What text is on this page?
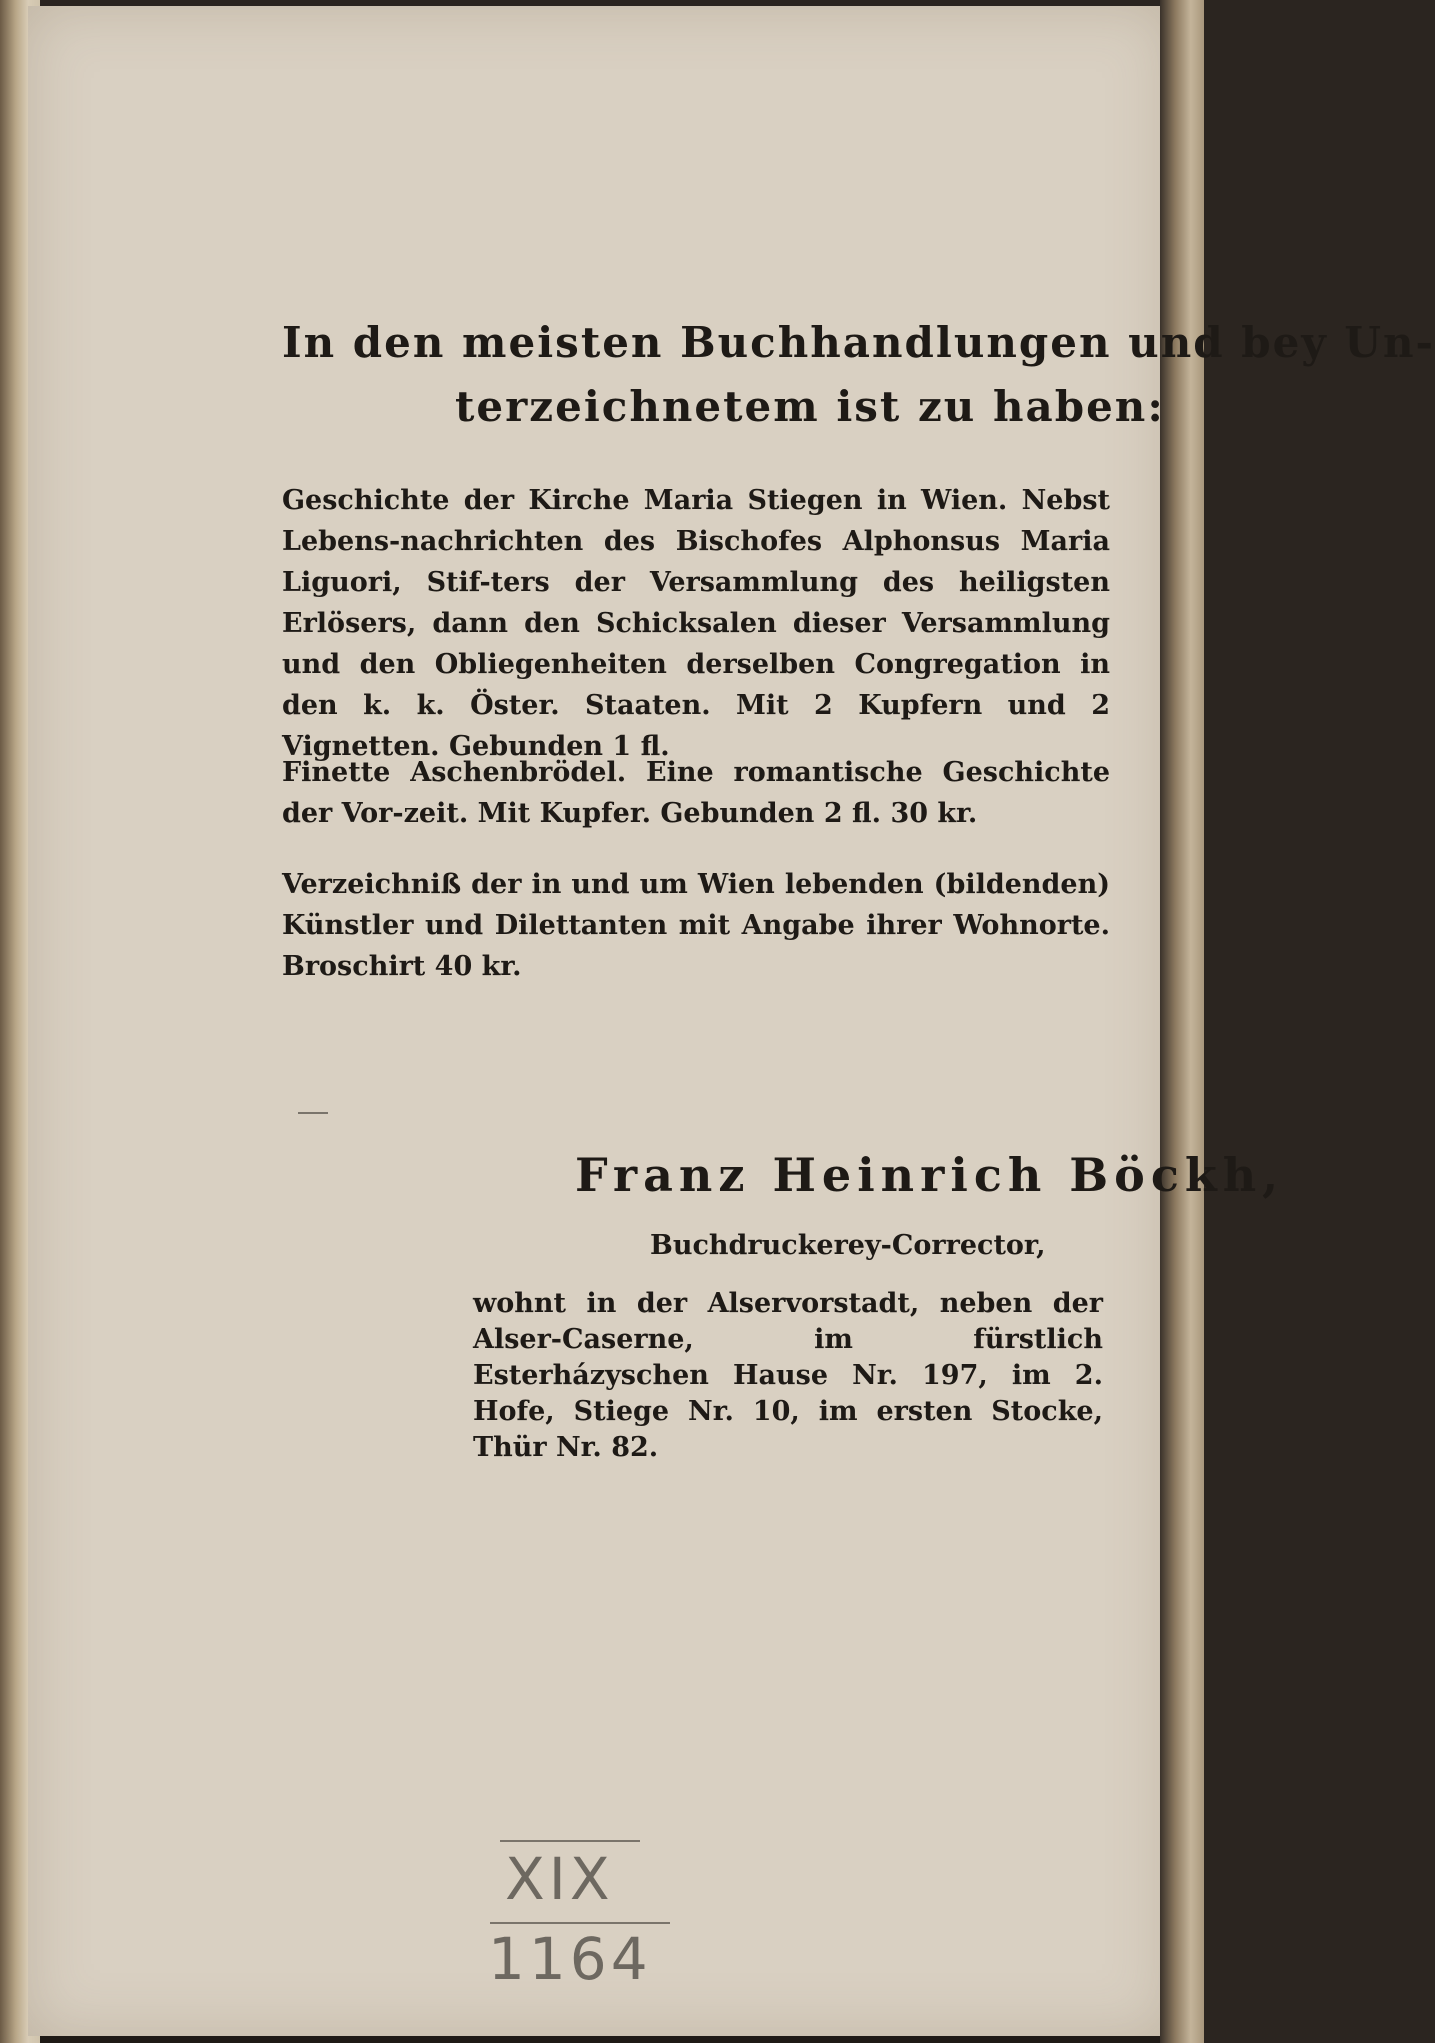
In den meisten Buchhandlungen und bey Un-
terzeichnetem ist zu haben:
Geschichte der Kirche Maria Stiegen in Wien. Nebst Lebens-nachrichten des Bischofes Alphonsus Maria Liguori, Stif-ters der Versammlung des heiligsten Erlösers, dann den Schicksalen dieser Versammlung und den Obliegenheiten derselben Congregation in den k. k. Öster. Staaten. Mit 2 Kupfern und 2 Vignetten. Gebunden 1 fl.
Finette Aschenbrödel. Eine romantische Geschichte der Vor-zeit. Mit Kupfer. Gebunden 2 fl. 30 kr.
Verzeichniß der in und um Wien lebenden (bildenden) Künstler und Dilettanten mit Angabe ihrer Wohnorte. Broschirt 40 kr.
Franz Heinrich Böckh,
Buchdruckerey-Corrector,
wohnt in der Alservorstadt, neben der Alser-Caserne, im fürstlich Esterházyschen Hause Nr. 197, im 2. Hofe, Stiege Nr. 10, im ersten Stocke, Thür Nr. 82.
XIX
1164
